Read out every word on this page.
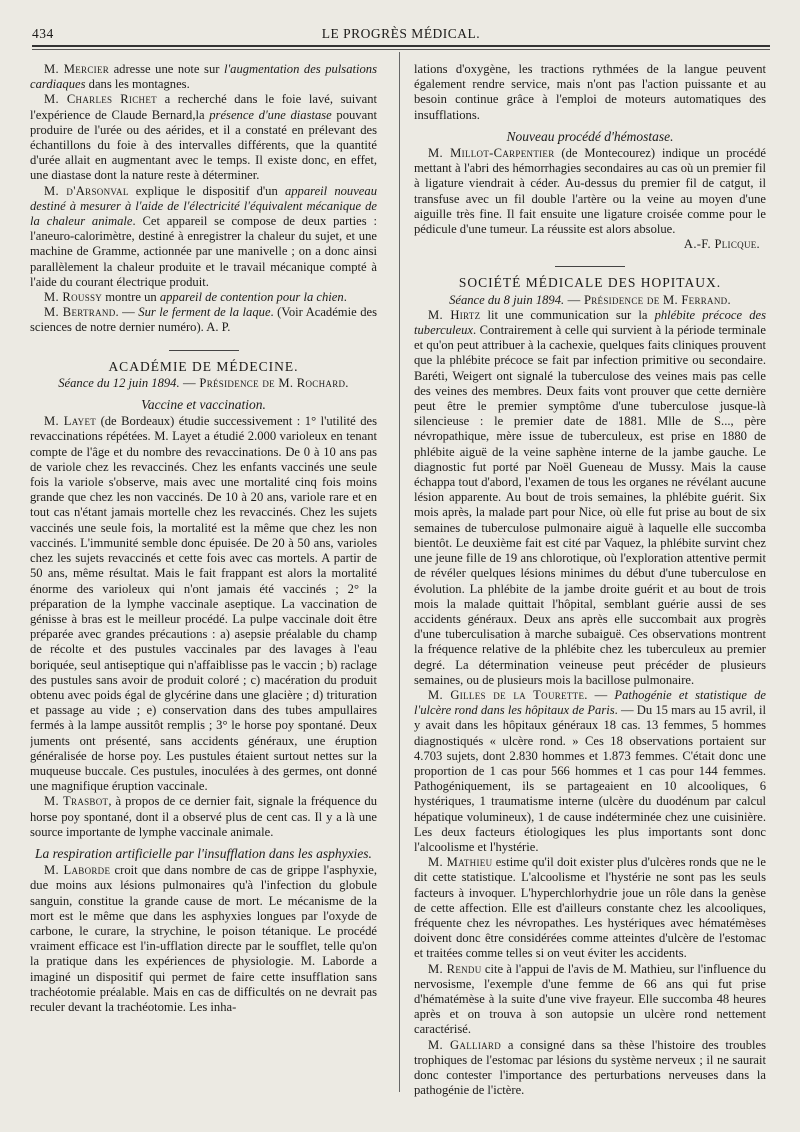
434	LE PROGRÈS MÉDICAL.

M. Mercier adresse une note sur l'augmentation des pulsations cardiaques dans les montagnes.

M. Charles Richet a recherché dans le foie lavé, suivant l'expérience de Claude Bernard,la présence d'une diastase pouvant produire de l'urée ou des aérides, et il a constaté en prélevant des échantillons du foie à des intervalles différents, que la quantité d'urée allait en augmentant avec le temps. Il existe donc, en effet, une diastase dont la nature reste à déterminer.

M. d'Arsonval explique le dispositif d'un appareil nouveau destiné à mesurer à l'aide de l'électricité l'équivalent mécanique de la chaleur animale. Cet appareil se compose de deux parties : l'aneuro-calorimètre, destiné à enregistrer la chaleur du sujet, et une machine de Gramme, actionnée par une manivelle ; on a donc ainsi parallèlement la chaleur produite et le travail mécanique compté à l'aide du courant électrique produit.

M. Roussy montre un appareil de contention pour la chien.

M. Bertrand. — Sur le ferment de la laque. (Voir Académie des sciences de notre dernier numéro). A. P.

ACADÉMIE DE MÉDECINE.

Séance du 12 juin 1894. — Présidence de M. Rochard.

Vaccine et vaccination.

M. Layet (de Bordeaux) étudie successivement : 1° l'utilité des revaccinations répétées. M. Layet a étudié 2.000 varioleux en tenant compte de l'âge et du nombre des revaccinations. De 0 à 10 ans pas de variole chez les revaccinés. Chez les enfants vaccinés une seule fois la variole s'observe, mais avec une mortalité cinq fois moins grande que chez les non vaccinés. De 10 à 20 ans, variole rare et en tout cas n'étant jamais mortelle chez les revaccinés. Chez les sujets vaccinés une seule fois, la mortalité est la même que chez les non vaccinés. L'immunité semble donc épuisée. De 20 à 50 ans, varioles chez les sujets revaccinés et cette fois avec cas mortels. A partir de 50 ans, même résultat. Mais le fait frappant est alors la mortalité énorme des varioleux qui n'ont jamais été vaccinés ; 2° la préparation de la lymphe vaccinale aseptique. La vaccination de génisse à bras est le meilleur procédé. La pulpe vaccinale doit être préparée avec grandes précautions : a) asepsie préalable du champ de récolte et des pustules vaccinales par des lavages à l'eau boriquée, seul antiseptique qui n'affaiblisse pas le vaccin ; b) raclage des pustules sans avoir de produit coloré ; c) macération du produit obtenu avec poids égal de glycérine dans une glacière ; d) trituration et passage au vide ; e) conservation dans des tubes ampullaires fermés à la lampe aussitôt remplis ; 3° le horse poy spontané. Deux juments ont présenté, sans accidents généraux, une éruption généralisée de horse poy. Les pustules étaient surtout nettes sur la muqueuse buccale. Ces pustules, inoculées à des germes, ont donné une magnifique éruption vaccinale.

M. Trasbot, à propos de ce dernier fait, signale la fréquence du horse poy spontané, dont il a observé plus de cent cas. Il y a là une source importante de lymphe vaccinale animale.

La respiration artificielle par l'insufflation dans les asphyxies.

M. Laborde croit que dans nombre de cas de grippe l'asphyxie, due moins aux lésions pulmonaires qu'à l'infection du globule sanguin, constitue la grande cause de mort. Le mécanisme de la mort est le même que dans les asphyxies longues par l'oxyde de carbone, le curare, la strychine, le poison tétanique. Le procédé vraiment efficace est l'in-ufflation directe par le soufflet, telle qu'on la pratique dans les expériences de physiologie. M. Laborde a imaginé un dispositif qui permet de faire cette insufflation sans trachéotomie préalable. Mais en cas de difficultés on ne devrait pas reculer devant la trachéotomie. Les inha-

lations d'oxygène, les tractions rythmées de la langue peuvent également rendre service, mais n'ont pas l'action puissante et au besoin continue grâce à l'emploi de moteurs automatiques des insufflations.

Nouveau procédé d'hémostase.

M. Millot-Carpentier (de Montecourez) indique un procédé mettant à l'abri des hémorrhagies secondaires au cas où un premier fil à ligature viendrait à céder. Au-dessus du premier fil de catgut, il transfuse avec un fil double l'artère ou la veine au moyen d'une aiguille très fine. Il fait ensuite une ligature croisée comme pour le pédicule d'une tumeur. La réussite est alors absolue.

A.-F. Plicque.

SOCIÉTÉ MÉDICALE DES HOPITAUX.

Séance du 8 juin 1894. — Présidence de M. Ferrand.

M. Hirtz lit une communication sur la phlébite précoce des tuberculeux. Contrairement à celle qui survient à la période terminale et qu'on peut attribuer à la cachexie, quelques faits cliniques prouvent que la phlébite précoce se fait par infection primitive ou secondaire. Baréti, Weigert ont signalé la tuberculose des veines mais pas celle des veines des membres. Deux faits vont prouver que cette dernière peut être le premier symptôme d'une tuberculose jusque-là silencieuse : le premier date de 1881. Mlle de S..., père névropathique, mère issue de tuberculeux, est prise en 1880 de phlébite aiguë de la veine saphène interne de la jambe gauche. Le diagnostic fut porté par Noël Gueneau de Mussy. Mais la cause échappa tout d'abord, l'examen de tous les organes ne révélant aucune lésion apparente. Au bout de trois semaines, la phlébite guérit. Six mois après, la malade part pour Nice, où elle fut prise au bout de six semaines de tuberculose pulmonaire aiguë à laquelle elle succomba bientôt. Le deuxième fait est cité par Vaquez, la phlébite survint chez une jeune fille de 19 ans chlorotique, où l'exploration attentive permit de révéler quelques lésions minimes du début d'une tuberculose en évolution. La phlébite de la jambe droite guérit et au bout de trois mois la malade quittait l'hôpital, semblant guérie aussi de ses accidents généraux. Deux ans après elle succombait aux progrès d'une tuberculisation à marche subaiguë. Ces observations montrent la fréquence relative de la phlébite chez les tuberculeux au premier degré. La détermination veineuse peut précéder de plusieurs semaines, ou de plusieurs mois la bacillose pulmonaire.

M. Gilles de la Tourette. — Pathogénie et statistique de l'ulcère rond dans les hôpitaux de Paris. — Du 15 mars au 15 avril, il y avait dans les hôpitaux généraux 18 cas. 13 femmes, 5 hommes diagnostiqués « ulcère rond. » Ces 18 observations portaient sur 4.703 sujets, dont 2.830 hommes et 1.873 femmes. C'était donc une proportion de 1 cas pour 566 hommes et 1 cas pour 144 femmes. Pathogéniquement, ils se partageaient en 10 alcooliques, 6 hystériques, 1 traumatisme interne (ulcère du duodénum par calcul hépatique volumineux), 1 de cause indéterminée chez une cuisinière. Les deux facteurs étiologiques les plus importants sont donc l'alcoolisme et l'hystérie.

M. Mathieu estime qu'il doit exister plus d'ulcères ronds que ne le dit cette statistique. L'alcoolisme et l'hystérie ne sont pas les seuls facteurs à invoquer. L'hyperchlorhydrie joue un rôle dans la genèse de cette affection. Elle est d'ailleurs constante chez les alcooliques, fréquente chez les névropathes. Les hystériques avec hématémèses doivent donc être considérées comme atteintes d'ulcère de l'estomac et traitées comme telles si on veut éviter les accidents.

M. Rendu cite à l'appui de l'avis de M. Mathieu, sur l'influence du nervosisme, l'exemple d'une femme de 66 ans qui fut prise d'hématémèse à la suite d'une vive frayeur. Elle succomba 48 heures après et on trouva à son autopsie un ulcère rond nettement caractérisé.

M. Galliard a consigné dans sa thèse l'histoire des troubles trophiques de l'estomac par lésions du système nerveux ; il ne saurait donc contester l'importance des perturbations nerveuses dans la pathogénie de l'ictère.
